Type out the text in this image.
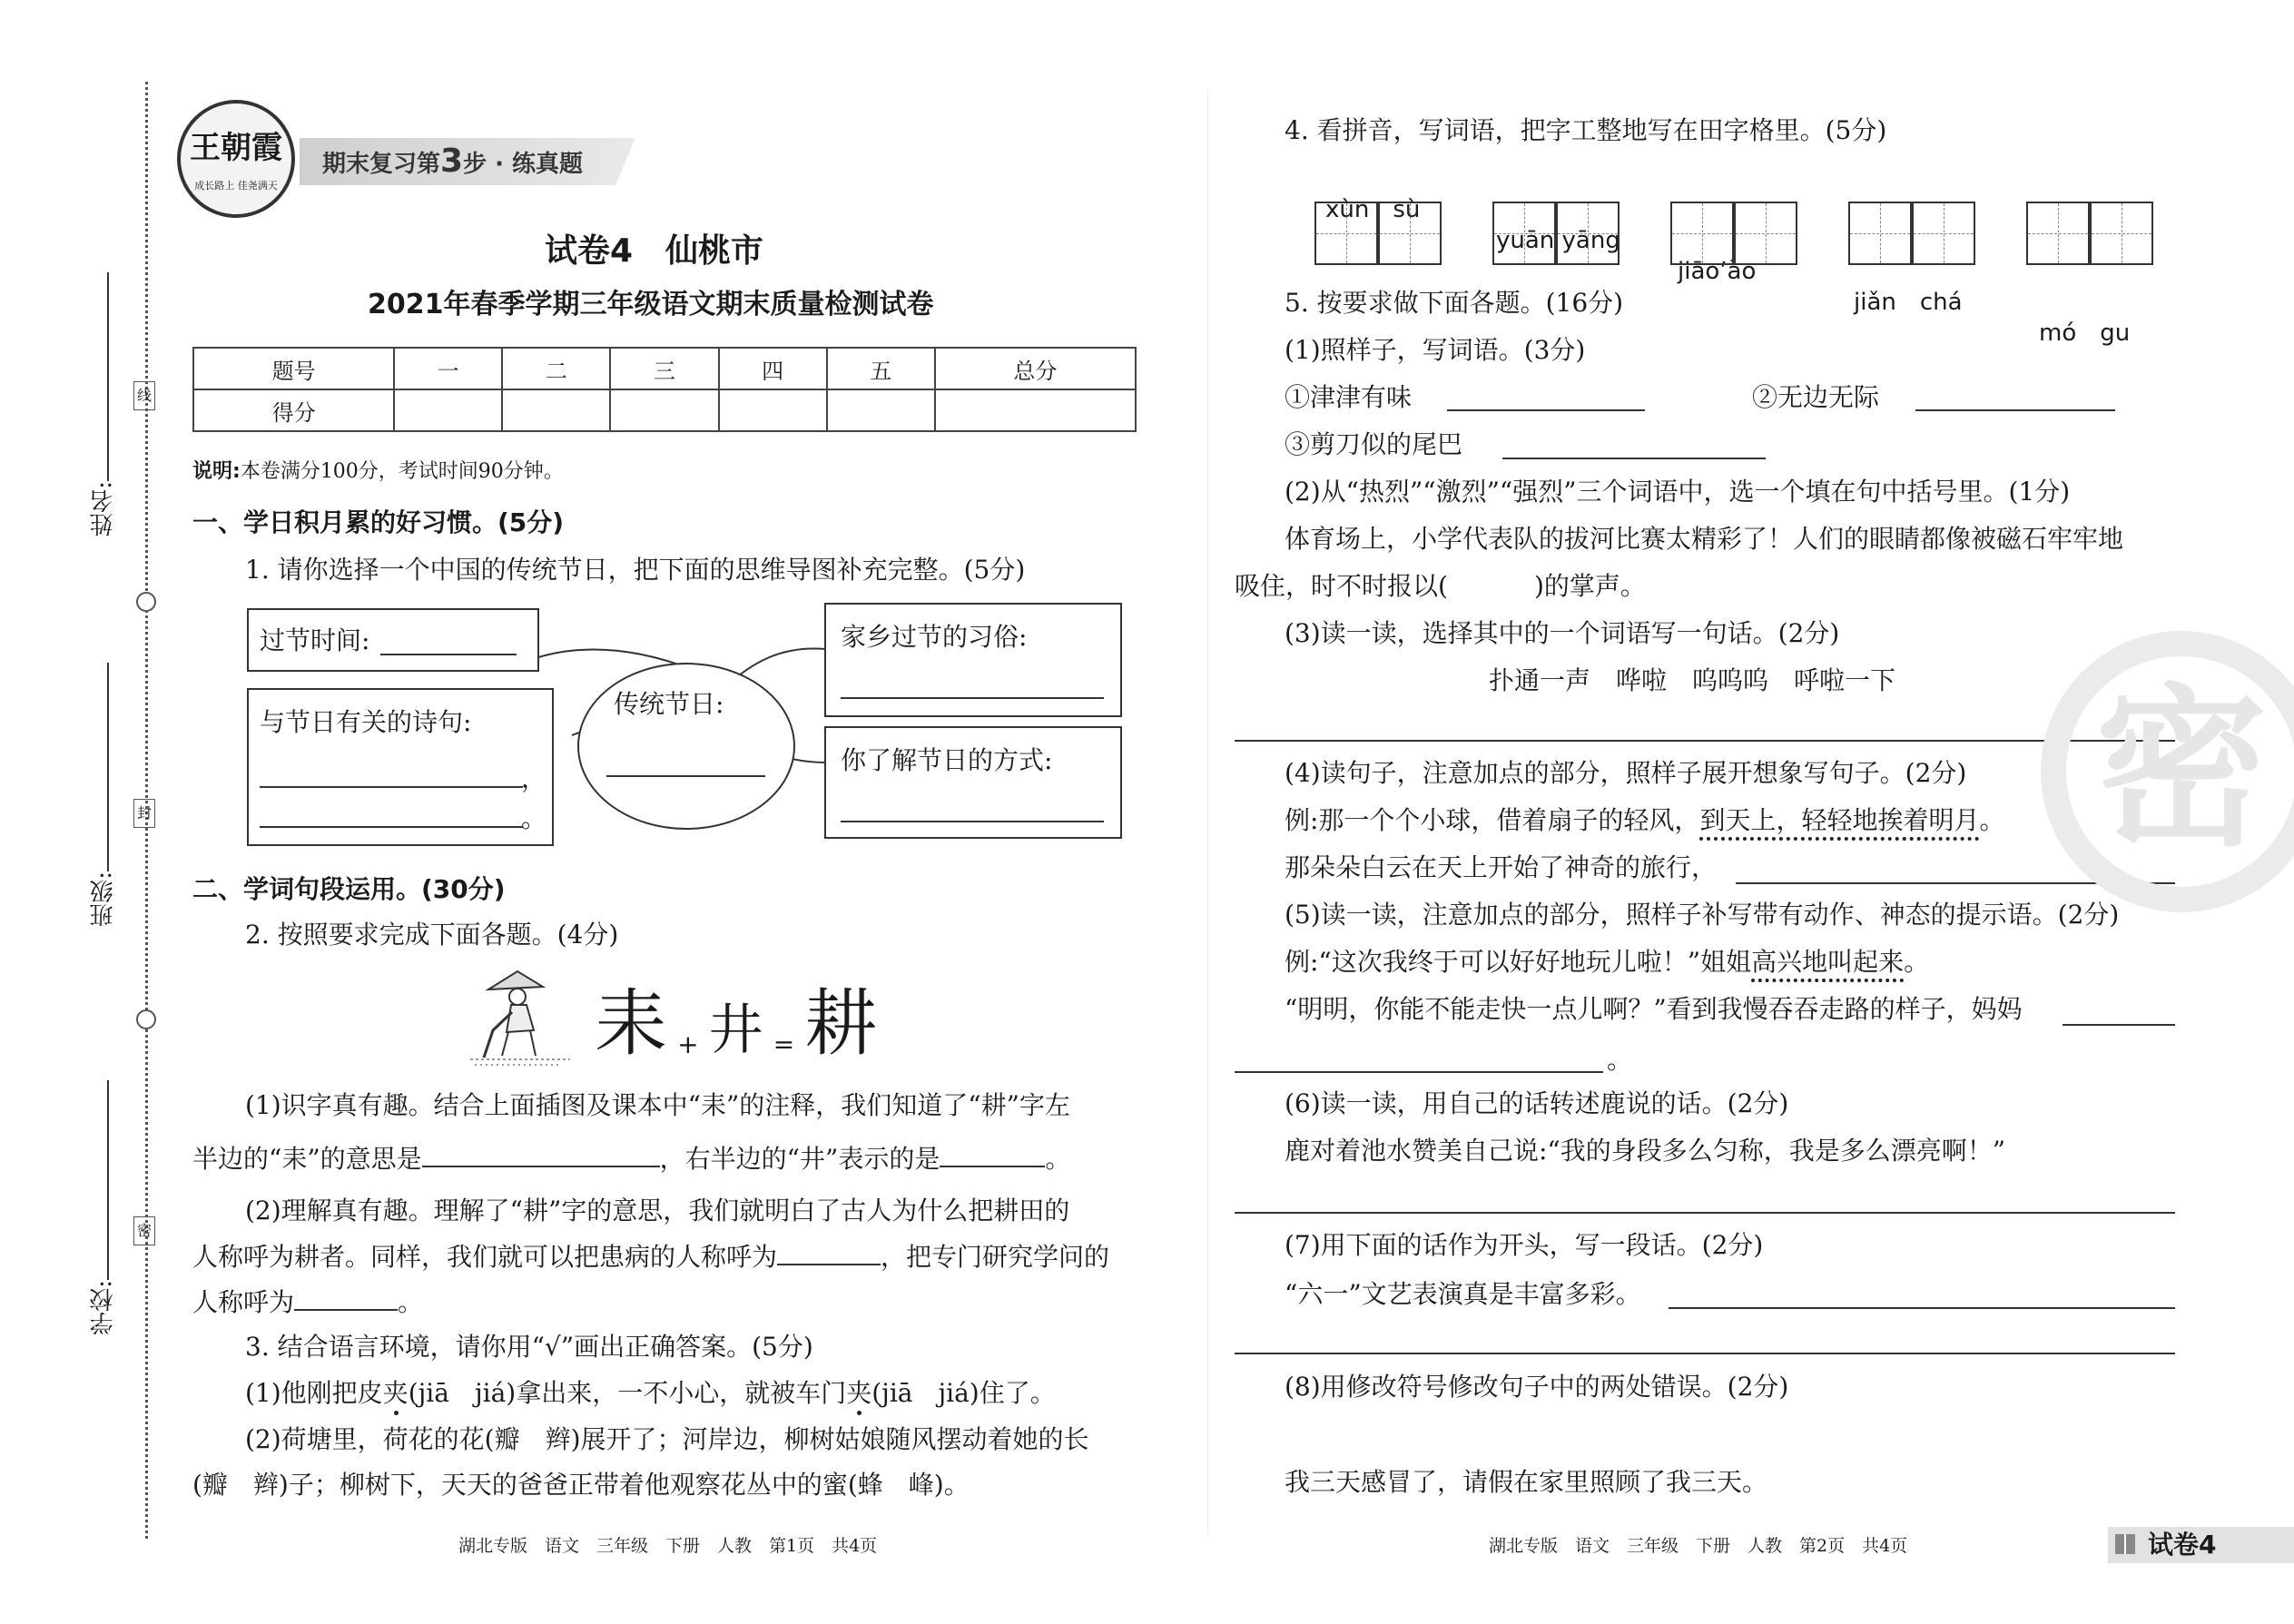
线
封
密
姓名:
班级:
学校:
王朝霞
成长路上 佳尧满天
期末复习第3步 · 练真题
试卷4　仙桃市
2021年春季学期三年级语文期末质量检测试卷
题号	一	二	三	四	五	总分
得分						
说明:本卷满分100分，考试时间90分钟。
一、学日积月累的好习惯。(5分)
1. 请你选择一个中国的传统节日，把下面的思维导图补充完整。(5分)
过节时间:
与节日有关的诗句:
，
。
传统节日:
家乡过节的习俗:
你了解节日的方式:
二、学词句段运用。(30分)
2. 按照要求完成下面各题。(4分)
耒 + 井 = 耕
(1)识字真有趣。结合上面插图及课本中“耒”的注释，我们知道了“耕”字左
半边的“耒”的意思是	，右半边的“井”表示的是	。
(2)理解真有趣。理解了“耕”字的意思，我们就明白了古人为什么把耕田的
人称呼为耕者。同样，我们就可以把患病的人称呼为	，把专门研究学问的
人称呼为	。
3. 结合语言环境，请你用“√”画出正确答案。(5分)
(1)他刚把皮夹(jiā　jiá)拿出来，一不小心，就被车门夹(jiā　jiá)住了。
(2)荷塘里，荷花的花(瓣　辫)展开了；河岸边，柳树姑娘随风摆动着她的长
(瓣　辫)子；柳树下，天天的爸爸正带着他观察花丛中的蜜(蜂　峰)。
4. 看拼音，写词语，把字工整地写在田字格里。(5分)

xùn　sù

yuān yāng

jiāo’ào

jiǎn　chá

mó　gu

5. 按要求做下面各题。(16分)
(1)照样子，写词语。(3分)
①津津有味	②无边无际
③剪刀似的尾巴
(2)从“热烈”“激烈”“强烈”三个词语中，选一个填在句中括号里。(1分)
体育场上，小学代表队的拔河比赛太精彩了！人们的眼睛都像被磁石牢牢地
吸住，时不时报以(	)的掌声。
(3)读一读，选择其中的一个词语写一句话。(2分)
扑通一声　哗啦　呜呜呜　呼啦一下
(4)读句子，注意加点的部分，照样子展开想象写句子。(2分)
例:那一个个小球，借着扇子的轻风，到天上，轻轻地挨着明月。
那朵朵白云在天上开始了神奇的旅行，
(5)读一读，注意加点的部分，照样子补写带有动作、神态的提示语。(2分)
例:“这次我终于可以好好地玩儿啦！”姐姐高兴地叫起来。
“明明，你能不能走快一点儿啊？”看到我慢吞吞走路的样子，妈妈
。
(6)读一读，用自己的话转述鹿说的话。(2分)
鹿对着池水赞美自己说:“我的身段多么匀称，我是多么漂亮啊！”
(7)用下面的话作为开头，写一段话。(2分)
“六一”文艺表演真是丰富多彩。
(8)用修改符号修改句子中的两处错误。(2分)
我三天感冒了，请假在家里照顾了我三天。
密
湖北专版　语文　三年级　下册　人教　第1页　共4页	湖北专版　语文　三年级　下册　人教　第2页　共4页	试卷4
